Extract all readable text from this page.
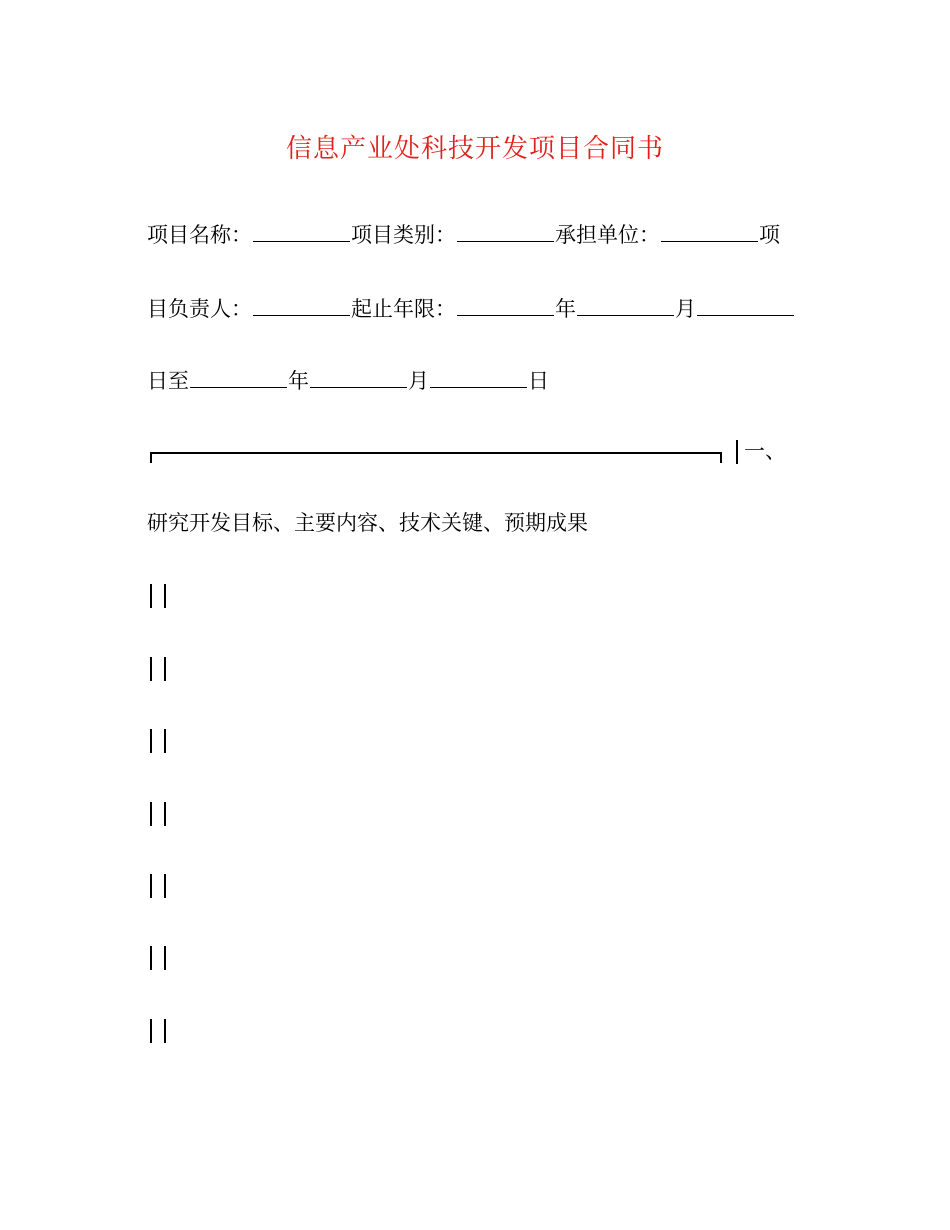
信息产业处科技开发项目合同书
项目名称：	项目类别：	承担单位：	项
目负责人：	起止年限：	年	月
日至	年	月	日
一、
研究开发目标、主要内容、技术关键、预期成果
